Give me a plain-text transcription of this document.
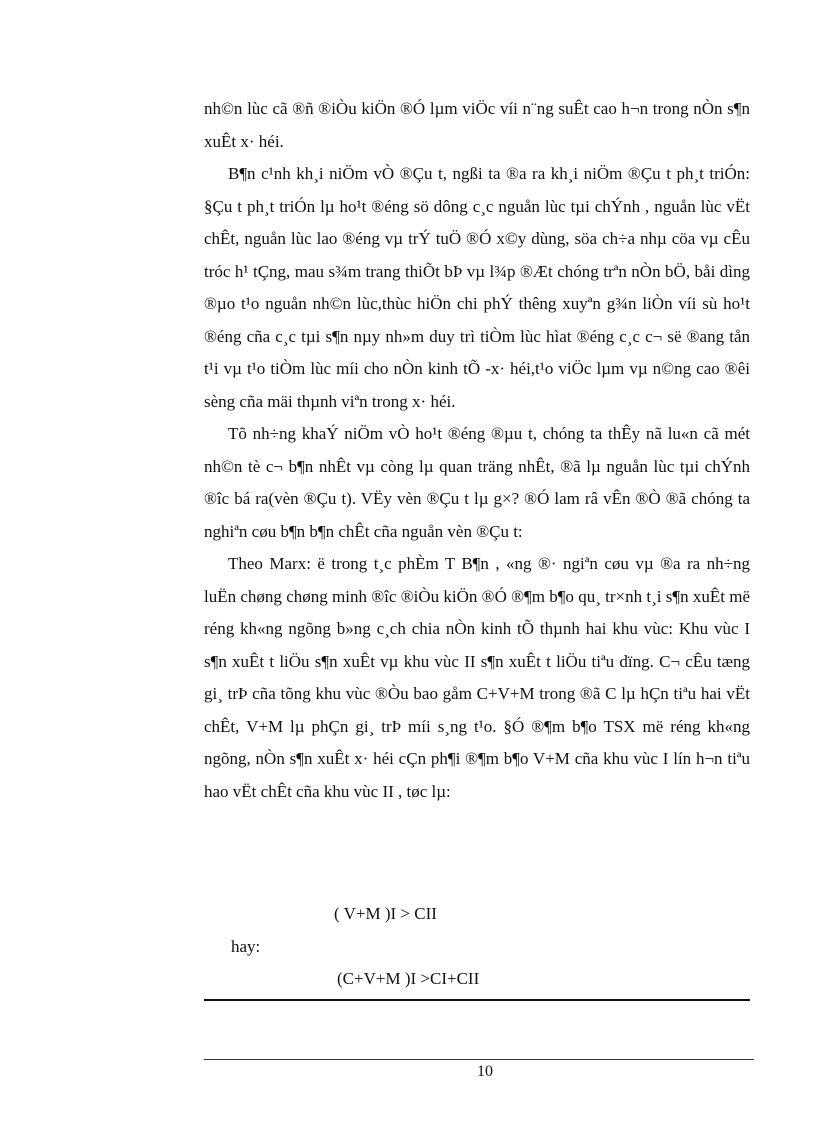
nh©n lùc cã ®ñ ®iÒu kiÖn ®Ó lµm viÖc víi n¨ng suÊt cao h¬n trong nÒn s¶n xuÊt x· héi.

B¶n c¹nh kh¸i niÖm vÒ ®Çu t, ngßi ta ®a ra kh¸i niÖm ®Çu t ph¸t triÓn: §Çu t ph¸t triÓn lµ ho¹t ®éng sö dông c¸c nguån lùc tµi chÝnh , nguån lùc vËt chÊt, nguån lùc lao ®éng vµ trÝ tuÖ ®Ó x©y dùng, söa ch÷a nhµ cöa vµ cÊu tróc h¹ tÇng, mau s¾m trang thiÕt bÞ vµ l¾p ®Æt chóng trªn nÒn bÖ, båi dìng ®µo t¹o nguån nh©n lùc,thùc hiÖn chi phÝ thêng xuyªn g¾n liÒn víi sù ho¹t ®éng cña c¸c tµi s¶n nµy nh»m duy trì tiÒm lùc hìat ®éng c¸c c¬ së ®ang tån t¹i vµ t¹o tiÒm lùc míi cho nÒn kinh tÕ -x· héi,t¹o viÖc lµm vµ n©ng cao ®êi sèng cña mäi thµnh viªn trong x· héi.

Tõ nh÷ng khaÝ niÖm vÒ ho¹t ®éng ®µu t, chóng ta thÊy nã lu«n cã mét nh©n tè c¬ b¶n nhÊt vµ còng lµ quan träng nhÊt, ®ã lµ nguån lùc tµi chÝnh ®îc bá ra(vèn ®Çu t). VËy vèn ®Çu t lµ g×? ®Ó lam râ vÊn ®Ò ®ã chóng ta nghiªn cøu b¶n b¶n chÊt cña nguån vèn ®Çu t:

Theo Marx: ë trong t¸c phÈm T B¶n , «ng ®· ngiªn cøu vµ ®a ra nh÷ng luËn chøng chøng minh ®îc ®iÒu kiÖn ®Ó ®¶m b¶o qu¸ tr×nh t¸i s¶n xuÊt më réng kh«ng ngõng b»ng c¸ch chia nÒn kinh tÕ thµnh hai khu vùc: Khu vùc I s¶n xuÊt t liÖu s¶n xuÊt vµ khu vùc II s¶n xuÊt t liÖu tiªu dïng. C¬ cÊu tæng gi¸ trÞ cña tõng khu vùc ®Òu bao gåm C+V+M trong ®ã C lµ hÇn tiªu hai vËt chÊt, V+M lµ phÇn gi¸ trÞ míi s¸ng t¹o. §Ó ®¶m b¶o TSX më réng kh«ng ngõng, nÒn s¶n xuÊt x· héi cÇn ph¶i ®¶m b¶o V+M cña khu vùc I lín h¬n tiªu hao vËt chÊt cña khu vùc II , tøc lµ:

( V+M )I > CII
hay:
(C+V+M )I >CI+CII
10
